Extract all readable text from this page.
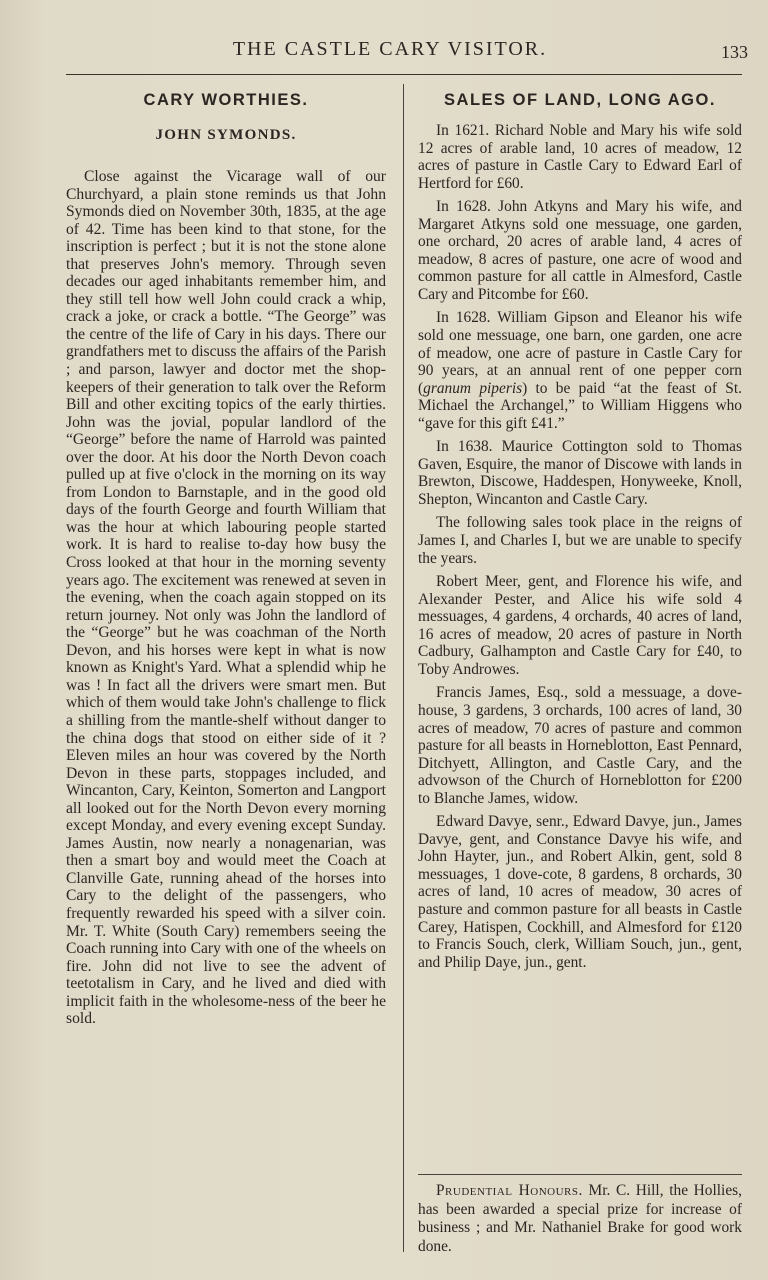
THE CASTLE CARY VISITOR.	133
CARY WORTHIES.
JOHN SYMONDS.

Close against the Vicarage wall of our Churchyard, a plain stone reminds us that John Symonds died on November 30th, 1835, at the age of 42. Time has been kind to that stone, for the inscription is perfect ; but it is not the stone alone that preserves John's memory. Through seven decades our aged inhabitants remember him, and they still tell how well John could crack a whip, crack a joke, or crack a bottle. “The George” was the centre of the life of Cary in his days. There our grandfathers met to discuss the affairs of the Parish ; and parson, lawyer and doctor met the shop-keepers of their generation to talk over the Reform Bill and other exciting topics of the early thirties. John was the jovial, popular landlord of the “George” before the name of Harrold was painted over the door. At his door the North Devon coach pulled up at five o'clock in the morning on its way from London to Barnstaple, and in the good old days of the fourth George and fourth William that was the hour at which labouring people started work. It is hard to realise to-day how busy the Cross looked at that hour in the morning seventy years ago. The excitement was renewed at seven in the evening, when the coach again stopped on its return journey. Not only was John the landlord of the “George” but he was coachman of the North Devon, and his horses were kept in what is now known as Knight's Yard. What a splendid whip he was ! In fact all the drivers were smart men. But which of them would take John's challenge to flick a shilling from the mantle-shelf without danger to the china dogs that stood on either side of it ? Eleven miles an hour was covered by the North Devon in these parts, stoppages included, and Wincanton, Cary, Keinton, Somerton and Langport all looked out for the North Devon every morning except Monday, and every evening except Sunday. James Austin, now nearly a nonagenarian, was then a smart boy and would meet the Coach at Clanville Gate, running ahead of the horses into Cary to the delight of the passengers, who frequently rewarded his speed with a silver coin. Mr. T. White (South Cary) remembers seeing the Coach running into Cary with one of the wheels on fire. John did not live to see the advent of teetotalism in Cary, and he lived and died with implicit faith in the wholesome-ness of the beer he sold.

SALES OF LAND, LONG AGO.

In 1621. Richard Noble and Mary his wife sold 12 acres of arable land, 10 acres of meadow, 12 acres of pasture in Castle Cary to Edward Earl of Hertford for £60.

In 1628. John Atkyns and Mary his wife, and Margaret Atkyns sold one messuage, one garden, one orchard, 20 acres of arable land, 4 acres of meadow, 8 acres of pasture, one acre of wood and common pasture for all cattle in Almesford, Castle Cary and Pitcombe for £60.

In 1628. William Gipson and Eleanor his wife sold one messuage, one barn, one garden, one acre of meadow, one acre of pasture in Castle Cary for 90 years, at an annual rent of one pepper corn (granum piperis) to be paid “at the feast of St. Michael the Archangel,” to William Higgens who “gave for this gift £41.”

In 1638. Maurice Cottington sold to Thomas Gaven, Esquire, the manor of Discowe with lands in Brewton, Discowe, Haddespen, Honyweeke, Knoll, Shepton, Wincanton and Castle Cary.

The following sales took place in the reigns of James I, and Charles I, but we are unable to specify the years.

Robert Meer, gent, and Florence his wife, and Alexander Pester, and Alice his wife sold 4 messuages, 4 gardens, 4 orchards, 40 acres of land, 16 acres of meadow, 20 acres of pasture in North Cadbury, Galhampton and Castle Cary for £40, to Toby Androwes.

Francis James, Esq., sold a messuage, a dove-house, 3 gardens, 3 orchards, 100 acres of land, 30 acres of meadow, 70 acres of pasture and common pasture for all beasts in Horneblotton, East Pennard, Ditchyett, Allington, and Castle Cary, and the advowson of the Church of Horneblotton for £200 to Blanche James, widow.

Edward Davye, senr., Edward Davye, jun., James Davye, gent, and Constance Davye his wife, and John Hayter, jun., and Robert Alkin, gent, sold 8 messuages, 1 dove-cote, 8 gardens, 8 orchards, 30 acres of land, 10 acres of meadow, 30 acres of pasture and common pasture for all beasts in Castle Carey, Hatispen, Cockhill, and Almesford for £120 to Francis Souch, clerk, William Souch, jun., gent, and Philip Daye, jun., gent.

Prudential Honours. Mr. C. Hill, the Hollies, has been awarded a special prize for increase of business ; and Mr. Nathaniel Brake for good work done.
